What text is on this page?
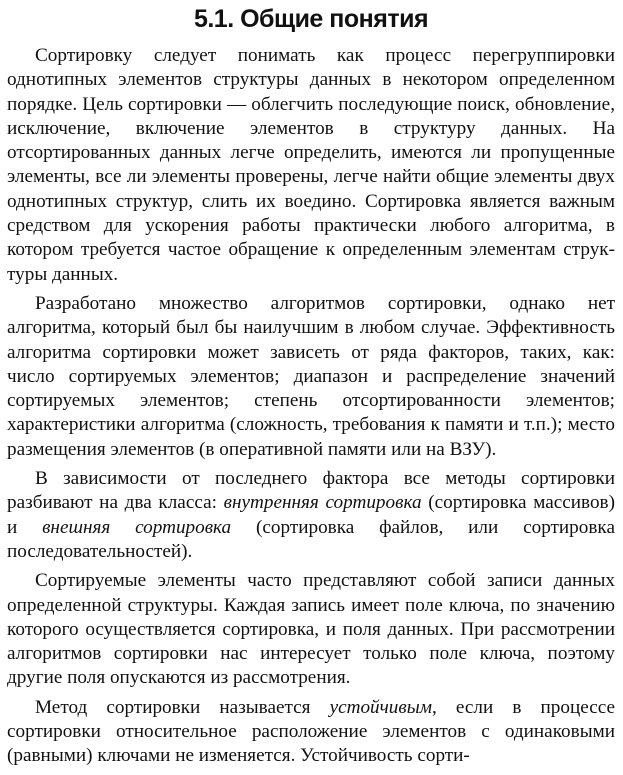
5.1. Общие понятия

Сортировку следует понимать как процесс перегруппировки однотипных элементов структуры данных в некотором определенном порядке. Цель сортировки — облегчить последующие поиск, обновление, исключение, включение элементов в структуру данных. На отсортированных данных легче определить, имеются ли пропущенные элементы, все ли элементы проверены, легче найти общие элементы двух однотипных структур, слить их воедино. Сортировка является важным средством для ускорения работы практически любого алгоритма, в котором требуется частое обращение к определенным элементам структуры данных.

Разработано множество алгоритмов сортировки, однако нет алгоритма, который был бы наилучшим в любом случае. Эффективность алгоритма сортировки может зависеть от ряда факторов, таких, как: число сортируемых элементов; диапазон и распределение значений сортируемых элементов; степень отсортированности элементов; характеристики алгоритма (сложность, требования к памяти и т.п.); место размещения элементов (в оперативной памяти или на ВЗУ).

В зависимости от последнего фактора все методы сортировки разбивают на два класса: внутренняя сортировка (сортировка массивов) и внешняя сортировка (сортировка файлов, или сортировка последовательностей).

Сортируемые элементы часто представляют собой записи данных определенной структуры. Каждая запись имеет поле ключа, по значению которого осуществляется сортировка, и поля данных. При рассмотрении алгоритмов сортировки нас интересует только поле ключа, поэтому другие поля опускаются из рассмотрения.

Метод сортировки называется устойчивым, если в процессе сортировки относительное расположение элементов с одинаковыми (равными) ключами не изменяется. Устойчивость сорти-
